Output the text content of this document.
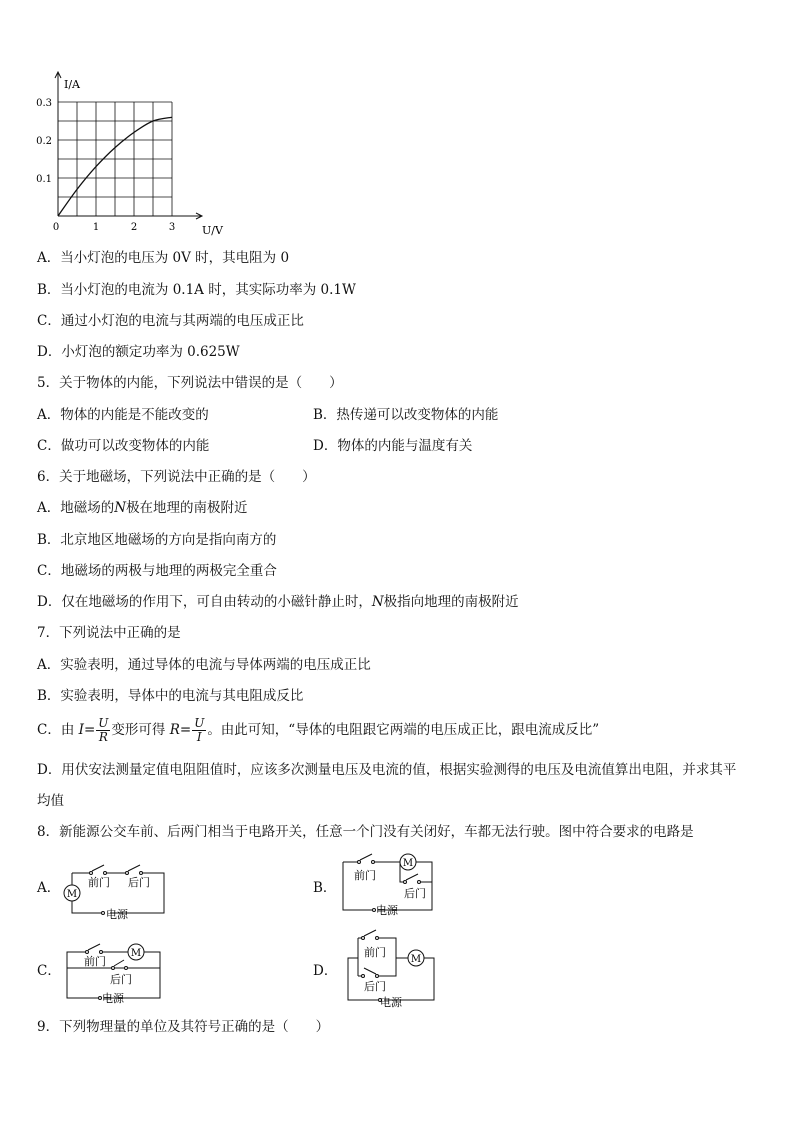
0	1	2	3
0.1
0.2
0.3
I/A
U/V
A．当小灯泡的电压为 0V 时，其电阻为 0
B．当小灯泡的电流为 0.1A 时，其实际功率为 0.1W
C．通过小灯泡的电流与其两端的电压成正比
D．小灯泡的额定功率为 0.625W
5．关于物体的内能，下列说法中错误的是（　　）
A．物体的内能是不能改变的	B．热传递可以改变物体的内能
C．做功可以改变物体的内能	D．物体的内能与温度有关
6．关于地磁场，下列说法中正确的是（　　）
A．地磁场的N极在地理的南极附近
B．北京地区地磁场的方向是指向南方的
C．地磁场的两极与地理的两极完全重合
D．仅在地磁场的作用下，可自由转动的小磁针静止时，N极指向地理的南极附近
7．下列说法中正确的是
A．实验表明，通过导体的电流与导体两端的电压成正比
B．实验表明，导体中的电流与其电阻成反比
C．由 $I= \frac{U}{R}$ 变形可得 $R= \frac{U}{I}$ 。由此可知，“导体的电阻跟它两端的电压成正比，跟电流成反比”
D．用伏安法测量定值电阻阻值时，应该多次测量电压及电流的值，根据实验测得的电压及电流值算出电阻，并求其平
均值
8．新能源公交车前、后两门相当于电路开关，任意一个门没有关闭好，车都无法行驶。图中符合要求的电路是
A．	B．
C．	D．
M
前门 后门
电源
M
前门
后门
电源
M
前门
后门
电源
M
前门
后门
电源
9．下列物理量的单位及其符号正确的是（　　）
